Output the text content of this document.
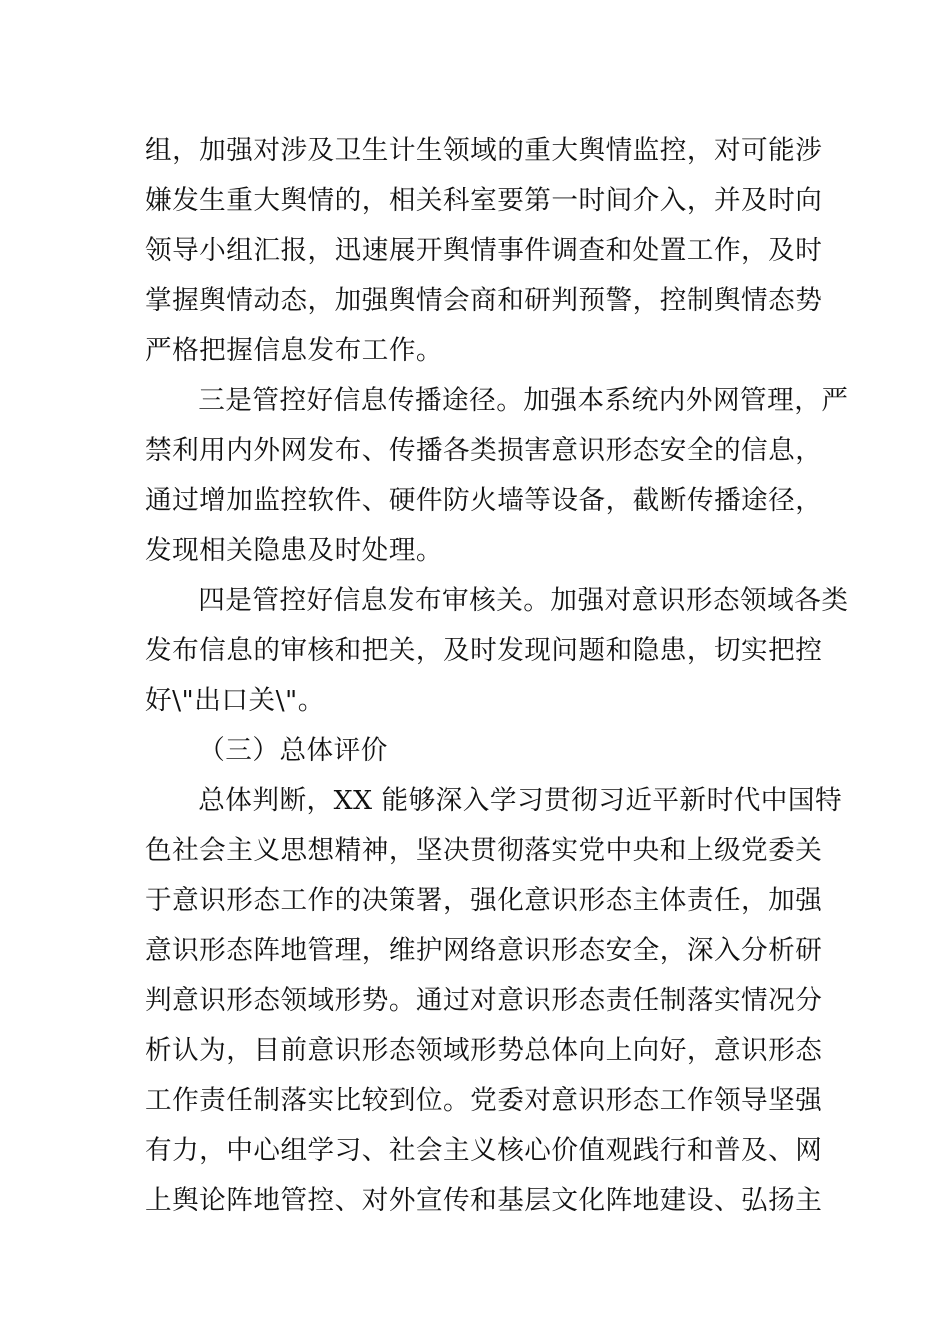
组，加强对涉及卫生计生领域的重大舆情监控，对可能涉
嫌发生重大舆情的，相关科室要第一时间介入，并及时向
领导小组汇报，迅速展开舆情事件调查和处置工作，及时
掌握舆情动态，加强舆情会商和研判预警，控制舆情态势
严格把握信息发布工作。

三是管控好信息传播途径。加强本系统内外网管理，严
禁利用内外网发布、传播各类损害意识形态安全的信息，
通过增加监控软件、硬件防火墙等设备，截断传播途径，
发现相关隐患及时处理。

四是管控好信息发布审核关。加强对意识形态领域各类
发布信息的审核和把关，及时发现问题和隐患，切实把控
好\"出口关\"。

（三）总体评价

总体判断，XX 能够深入学习贯彻习近平新时代中国特
色社会主义思想精神，坚决贯彻落实党中央和上级党委关
于意识形态工作的决策署，强化意识形态主体责任，加强
意识形态阵地管理，维护网络意识形态安全，深入分析研
判意识形态领域形势。通过对意识形态责任制落实情况分
析认为，目前意识形态领域形势总体向上向好，意识形态
工作责任制落实比较到位。党委对意识形态工作领导坚强
有力，中心组学习、社会主义核心价值观践行和普及、网
上舆论阵地管控、对外宣传和基层文化阵地建设、弘扬主
